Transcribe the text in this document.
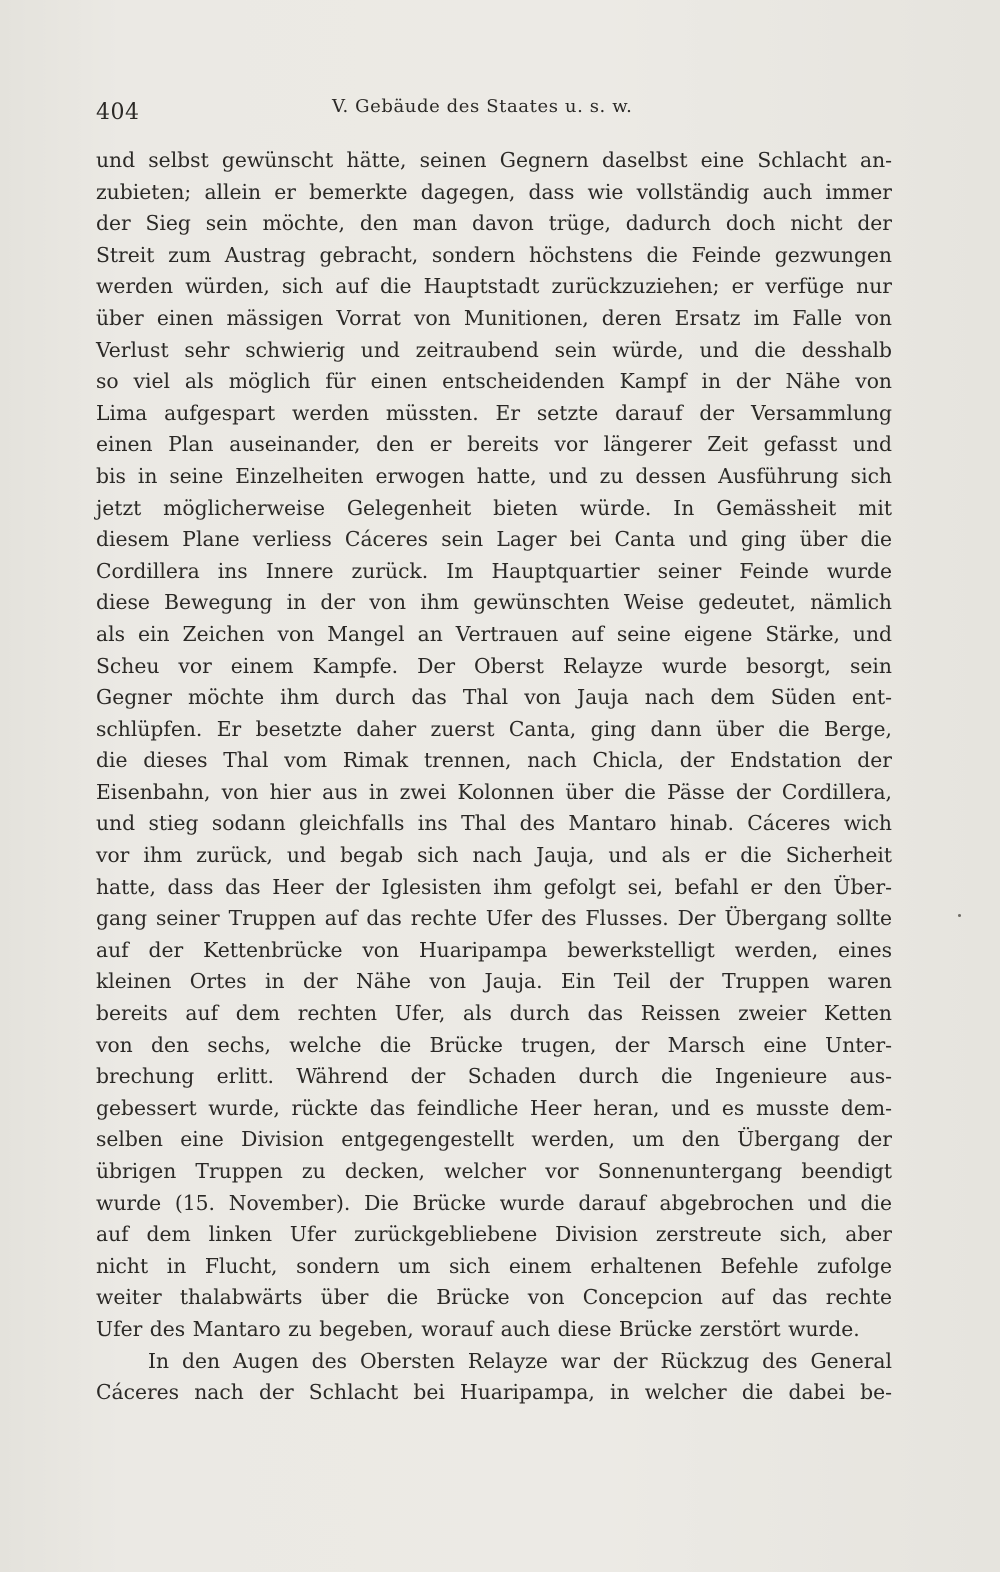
404	V. Gebäude des Staates u. s. w.
und selbst gewünscht hätte, seinen Gegnern daselbst eine Schlacht an-
zubieten; allein er bemerkte dagegen, dass wie vollständig auch immer
der Sieg sein möchte, den man davon trüge, dadurch doch nicht der
Streit zum Austrag gebracht, sondern höchstens die Feinde gezwungen
werden würden, sich auf die Hauptstadt zurückzuziehen; er verfüge nur
über einen mässigen Vorrat von Munitionen, deren Ersatz im Falle von
Verlust sehr schwierig und zeitraubend sein würde, und die desshalb
so viel als möglich für einen entscheidenden Kampf in der Nähe von
Lima aufgespart werden müssten. Er setzte darauf der Versammlung
einen Plan auseinander, den er bereits vor längerer Zeit gefasst und
bis in seine Einzelheiten erwogen hatte, und zu dessen Ausführung sich
jetzt möglicherweise Gelegenheit bieten würde. In Gemässheit mit
diesem Plane verliess Cáceres sein Lager bei Canta und ging über die
Cordillera ins Innere zurück. Im Hauptquartier seiner Feinde wurde
diese Bewegung in der von ihm gewünschten Weise gedeutet, nämlich
als ein Zeichen von Mangel an Vertrauen auf seine eigene Stärke, und
Scheu vor einem Kampfe. Der Oberst Relayze wurde besorgt, sein
Gegner möchte ihm durch das Thal von Jauja nach dem Süden ent-
schlüpfen. Er besetzte daher zuerst Canta, ging dann über die Berge,
die dieses Thal vom Rimak trennen, nach Chicla, der Endstation der
Eisenbahn, von hier aus in zwei Kolonnen über die Pässe der Cordillera,
und stieg sodann gleichfalls ins Thal des Mantaro hinab. Cáceres wich
vor ihm zurück, und begab sich nach Jauja, und als er die Sicherheit
hatte, dass das Heer der Iglesisten ihm gefolgt sei, befahl er den Über-
gang seiner Truppen auf das rechte Ufer des Flusses. Der Übergang sollte
auf der Kettenbrücke von Huaripampa bewerkstelligt werden, eines
kleinen Ortes in der Nähe von Jauja. Ein Teil der Truppen waren
bereits auf dem rechten Ufer, als durch das Reissen zweier Ketten
von den sechs, welche die Brücke trugen, der Marsch eine Unter-
brechung erlitt. Während der Schaden durch die Ingenieure aus-
gebessert wurde, rückte das feindliche Heer heran, und es musste dem-
selben eine Division entgegengestellt werden, um den Übergang der
übrigen Truppen zu decken, welcher vor Sonnenuntergang beendigt
wurde (15. November). Die Brücke wurde darauf abgebrochen und die
auf dem linken Ufer zurückgebliebene Division zerstreute sich, aber
nicht in Flucht, sondern um sich einem erhaltenen Befehle zufolge
weiter thalabwärts über die Brücke von Concepcion auf das rechte
Ufer des Mantaro zu begeben, worauf auch diese Brücke zerstört wurde.
In den Augen des Obersten Relayze war der Rückzug des General
Cáceres nach der Schlacht bei Huaripampa, in welcher die dabei be-
